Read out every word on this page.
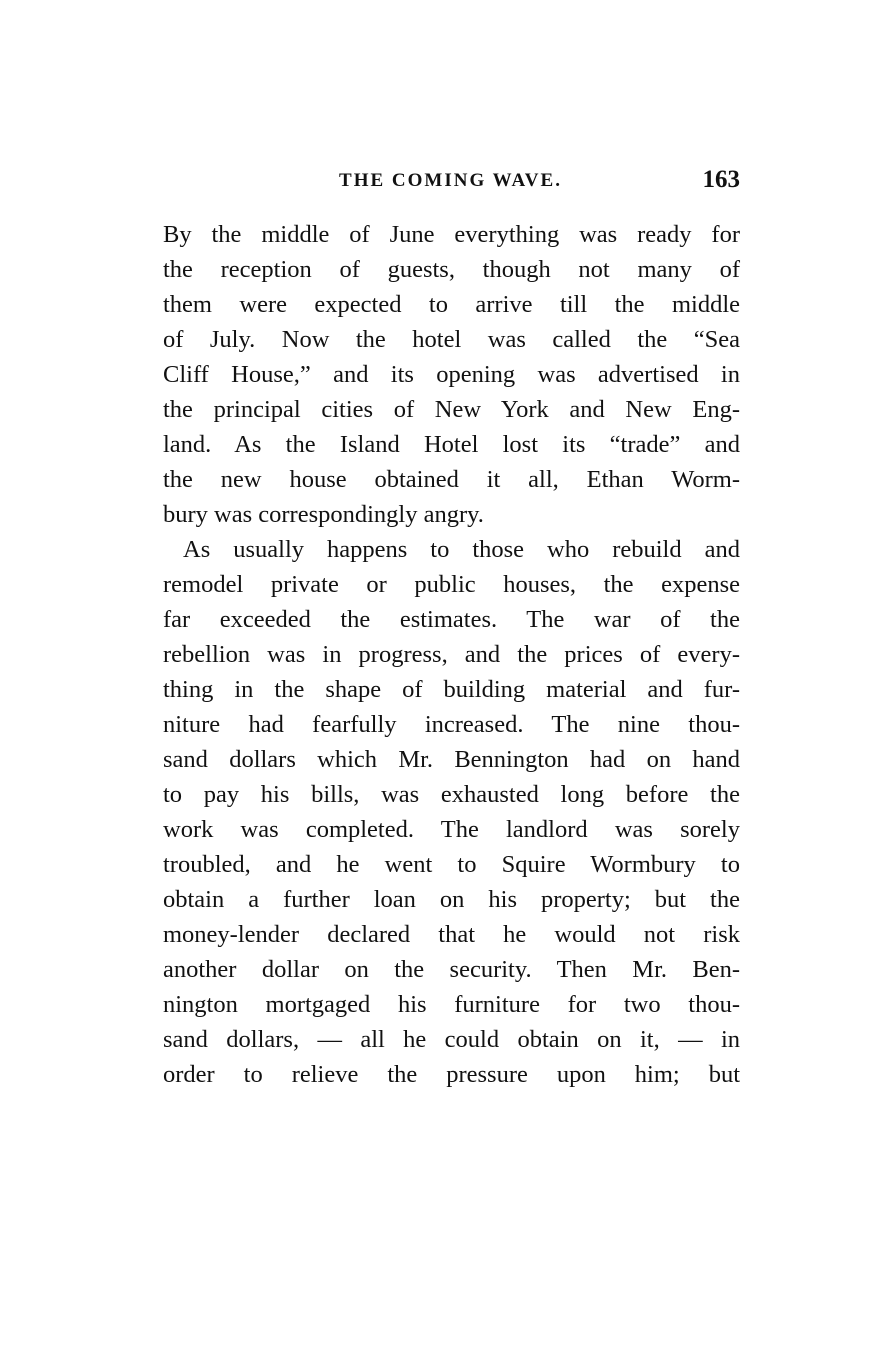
THE COMING WAVE.	163
By the middle of June everything was ready for
the reception of guests, though not many of
them were expected to arrive till the middle
of July. Now the hotel was called the “Sea
Cliff House,” and its opening was advertised in
the principal cities of New York and New Eng-
land. As the Island Hotel lost its “trade” and
the new house obtained it all, Ethan Worm-
bury was correspondingly angry.
As usually happens to those who rebuild and
remodel private or public houses, the expense
far exceeded the estimates. The war of the
rebellion was in progress, and the prices of every-
thing in the shape of building material and fur-
niture had fearfully increased. The nine thou-
sand dollars which Mr. Bennington had on hand
to pay his bills, was exhausted long before the
work was completed. The landlord was sorely
troubled, and he went to Squire Wormbury to
obtain a further loan on his property; but the
money-lender declared that he would not risk
another dollar on the security. Then Mr. Ben-
nington mortgaged his furniture for two thou-
sand dollars, — all he could obtain on it, — in
order to relieve the pressure upon him; but
